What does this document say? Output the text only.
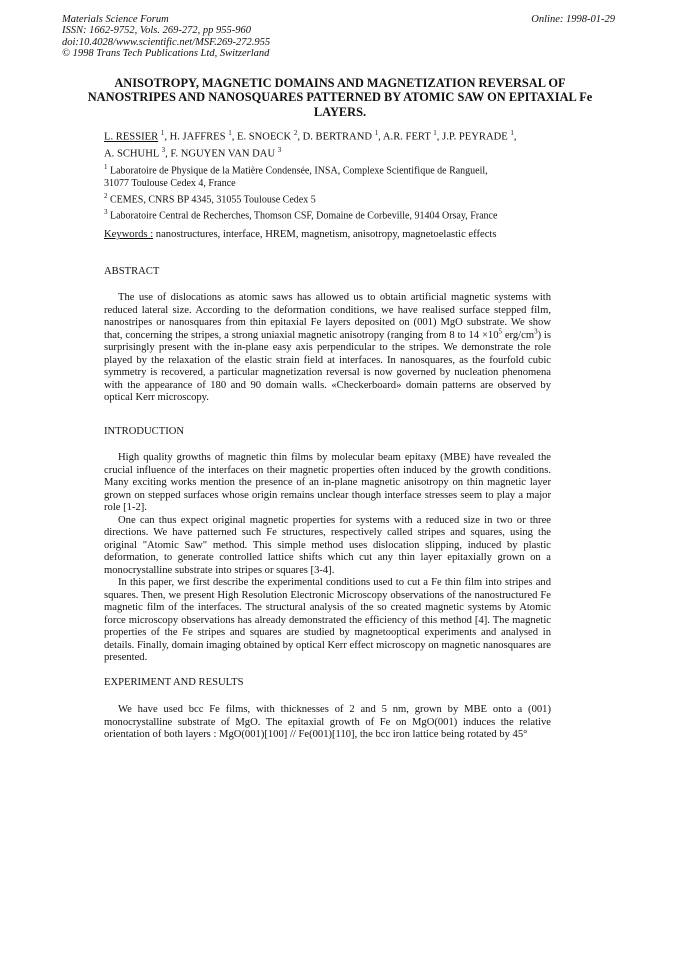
Materials Science Forum
ISSN: 1662-9752, Vols. 269-272, pp 955-960
doi:10.4028/www.scientific.net/MSF.269-272.955
© 1998 Trans Tech Publications Ltd, Switzerland
Online: 1998-01-29
ANISOTROPY, MAGNETIC DOMAINS AND MAGNETIZATION REVERSAL OF NANOSTRIPES AND NANOSQUARES PATTERNED BY ATOMIC SAW ON EPITAXIAL Fe LAYERS.
L. RESSIER $^1$, H. JAFFRES $^1$, E. SNOECK $^2$, D. BERTRAND $^1$, A.R. FERT $^1$, J.P. PEYRADE $^1$,
A. SCHUHL $^3$, F. NGUYEN VAN DAU $^3$
$^1$ Laboratoire de Physique de la Matière Condensée, INSA, Complexe Scientifique de Rangueil,
31077 Toulouse Cedex 4, France
$^2$ CEMES, CNRS BP 4345, 31055 Toulouse Cedex 5
$^3$ Laboratoire Central de Recherches, Thomson CSF, Domaine de Corbeville, 91404 Orsay, France
Keywords : nanostructures, interface, HREM, magnetism, anisotropy, magnetoelastic effects
ABSTRACT

The use of dislocations as atomic saws has allowed us to obtain artificial magnetic systems with reduced lateral size. According to the deformation conditions, we have realised surface stepped film, nanostripes or nanosquares from thin epitaxial Fe layers deposited on (001) MgO substrate. We show that, concerning the stripes, a strong uniaxial magnetic anisotropy (ranging from 8 to $14 \times 10^5$ erg/$cm^3$) is surprisingly present with the in-plane easy axis perpendicular to the stripes. We demonstrate the role played by the relaxation of the elastic strain field at interfaces. In nanosquares, as the fourfold cubic symmetry is recovered, a particular magnetization reversal is now governed by nucleation phenomena with the appearance of 180 and 90 domain walls. «Checkerboard» domain patterns are observed by optical Kerr microscopy.

INTRODUCTION

High quality growths of magnetic thin films by molecular beam epitaxy (MBE) have revealed the crucial influence of the interfaces on their magnetic properties often induced by the growth conditions. Many exciting works mention the presence of an in-plane magnetic anisotropy on thin magnetic layer grown on stepped surfaces whose origin remains unclear though interface stresses seem to play a major role [1-2].

One can thus expect original magnetic properties for systems with a reduced size in two or three directions. We have patterned such Fe structures, respectively called stripes and squares, using the original "Atomic Saw" method. This simple method uses dislocation slipping, induced by plastic deformation, to generate controlled lattice shifts which cut any thin layer epitaxially grown on a monocrystalline substrate into stripes or squares [3-4].

In this paper, we first describe the experimental conditions used to cut a Fe thin film into stripes and squares. Then, we present High Resolution Electronic Microscopy observations of the nanostructured Fe magnetic film of the interfaces. The structural analysis of the so created magnetic systems by Atomic force microscopy observations has already demonstrated the efficiency of this method [4]. The magnetic properties of the Fe stripes and squares are studied by magnetooptical experiments and analysed in details. Finally, domain imaging obtained by optical Kerr effect microscopy on magnetic nanosquares are presented.

EXPERIMENT AND RESULTS

We have used bcc Fe films, with thicknesses of 2 and 5 nm, grown by MBE onto a (001) monocrystalline substrate of MgO. The epitaxial growth of Fe on MgO(001) induces the relative orientation of both layers : MgO(001)[100] // Fe(001)[110], the bcc iron lattice being rotated by 45°
